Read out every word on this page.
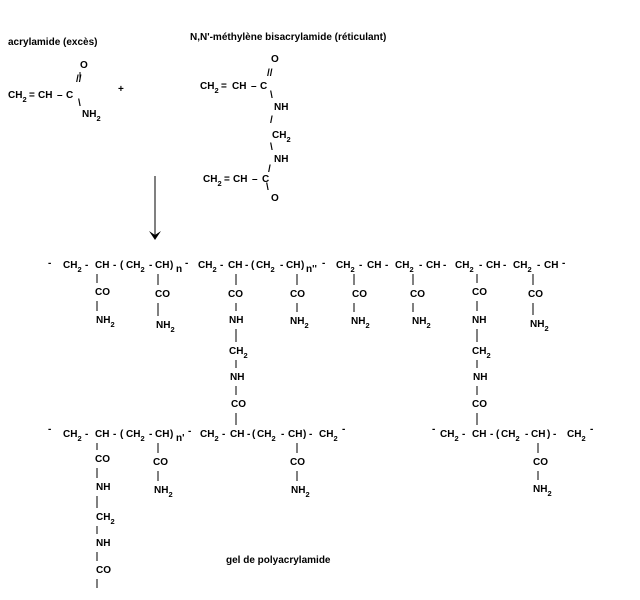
acrylamide (excès)	N,N'-méthylène bisacrylamide (réticulant)
O
//
$CH_2$ = CH – C
\
$NH_2$
+
O
//
$CH_2$ = CH – C
\
NH
/
$CH_2$
\
NH
/
$CH_2$ = CH – C
\
O
- $CH_2$ - CH - ( $CH_2$ - CH ) n
- $CH_2$ - CH - ( $CH_2$ - CH ) n''
- $CH_2$ - CH - $CH_2$ - CH - $CH_2$ - CH - $CH_2$ - CH -
CO
$NH_2$
CO
$NH_2$
CO
NH
$CH_2$
NH
CO
CO
$NH_2$
CO
$NH_2$
CO
$NH_2$
CO
NH
$CH_2$
NH
CO
CO
$NH_2$
- $CH_2$ - CH - ( $CH_2$ - CH ) n'
- $CH_2$ - CH - ( $CH_2$ - CH ) - $CH_2$
-	- $CH_2$ - CH - ( $CH_2$ - CH ) - $CH_2$
-
CO
NH
$CH_2$
NH
CO
CO
$NH_2$
CO
$NH_2$
CO
$NH_2$
gel de polyacrylamide
